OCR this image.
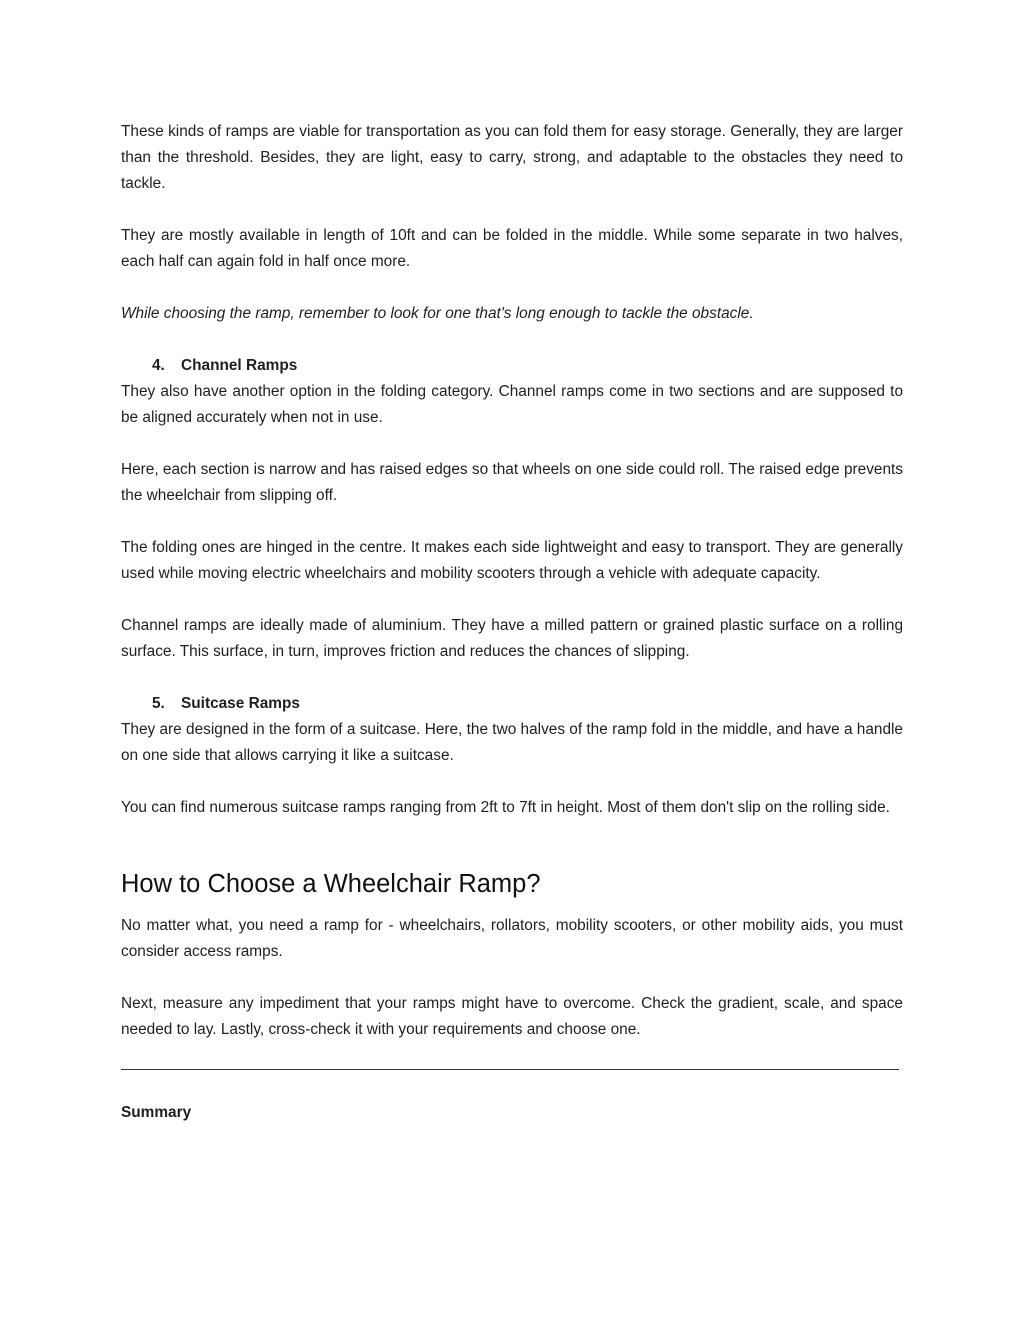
These kinds of ramps are viable for transportation as you can fold them for easy storage. Generally, they are larger than the threshold. Besides, they are light, easy to carry, strong, and adaptable to the obstacles they need to tackle.

They are mostly available in length of 10ft and can be folded in the middle. While some separate in two halves, each half can again fold in half once more.

While choosing the ramp, remember to look for one that's long enough to tackle the obstacle.

4. Channel Ramps

They also have another option in the folding category. Channel ramps come in two sections and are supposed to be aligned accurately when not in use.

Here, each section is narrow and has raised edges so that wheels on one side could roll. The raised edge prevents the wheelchair from slipping off.

The folding ones are hinged in the centre. It makes each side lightweight and easy to transport. They are generally used while moving electric wheelchairs and mobility scooters through a vehicle with adequate capacity.

Channel ramps are ideally made of aluminium. They have a milled pattern or grained plastic surface on a rolling surface. This surface, in turn, improves friction and reduces the chances of slipping.

5. Suitcase Ramps

They are designed in the form of a suitcase. Here, the two halves of the ramp fold in the middle, and have a handle on one side that allows carrying it like a suitcase.

You can find numerous suitcase ramps ranging from 2ft to 7ft in height. Most of them don't slip on the rolling side.

How to Choose a Wheelchair Ramp?

No matter what, you need a ramp for - wheelchairs, rollators, mobility scooters, or other mobility aids, you must consider access ramps.

Next, measure any impediment that your ramps might have to overcome. Check the gradient, scale, and space needed to lay. Lastly, cross-check it with your requirements and choose one.

Summary
